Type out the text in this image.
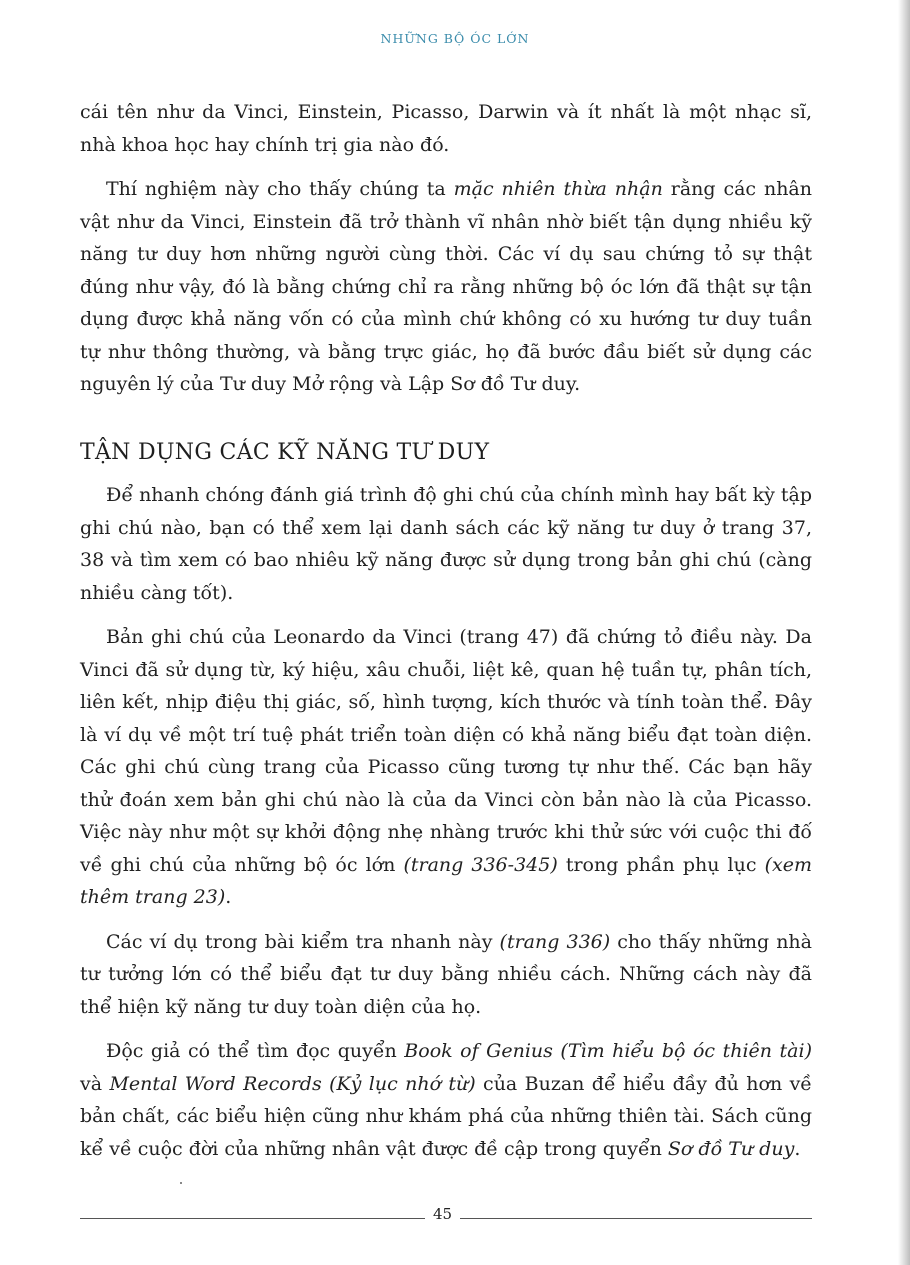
NHỮNG BỘ ÓC LỚN

cái tên như da Vinci, Einstein, Picasso, Darwin và ít nhất là một nhạc sĩ, nhà khoa học hay chính trị gia nào đó.

Thí nghiệm này cho thấy chúng ta mặc nhiên thừa nhận rằng các nhân vật như da Vinci, Einstein đã trở thành vĩ nhân nhờ biết tận dụng nhiều kỹ năng tư duy hơn những người cùng thời. Các ví dụ sau chứng tỏ sự thật đúng như vậy, đó là bằng chứng chỉ ra rằng những bộ óc lớn đã thật sự tận dụng được khả năng vốn có của mình chứ không có xu hướng tư duy tuần tự như thông thường, và bằng trực giác, họ đã bước đầu biết sử dụng các nguyên lý của Tư duy Mở rộng và Lập Sơ đồ Tư duy.

TẬN DỤNG CÁC KỸ NĂNG TƯ DUY

Để nhanh chóng đánh giá trình độ ghi chú của chính mình hay bất kỳ tập ghi chú nào, bạn có thể xem lại danh sách các kỹ năng tư duy ở trang 37, 38 và tìm xem có bao nhiêu kỹ năng được sử dụng trong bản ghi chú (càng nhiều càng tốt).

Bản ghi chú của Leonardo da Vinci (trang 47) đã chứng tỏ điều này. Da Vinci đã sử dụng từ, ký hiệu, xâu chuỗi, liệt kê, quan hệ tuần tự, phân tích, liên kết, nhịp điệu thị giác, số, hình tượng, kích thước và tính toàn thể. Đây là ví dụ về một trí tuệ phát triển toàn diện có khả năng biểu đạt toàn diện. Các ghi chú cùng trang của Picasso cũng tương tự như thế. Các bạn hãy thử đoán xem bản ghi chú nào là của da Vinci còn bản nào là của Picasso. Việc này như một sự khởi động nhẹ nhàng trước khi thử sức với cuộc thi đố về ghi chú của những bộ óc lớn (trang 336-345) trong phần phụ lục (xem thêm trang 23).

Các ví dụ trong bài kiểm tra nhanh này (trang 336) cho thấy những nhà tư tưởng lớn có thể biểu đạt tư duy bằng nhiều cách. Những cách này đã thể hiện kỹ năng tư duy toàn diện của họ.

Độc giả có thể tìm đọc quyển Book of Genius (Tìm hiểu bộ óc thiên tài) và Mental Word Records (Kỷ lục nhớ từ) của Buzan để hiểu đầy đủ hơn về bản chất, các biểu hiện cũng như khám phá của những thiên tài. Sách cũng kể về cuộc đời của những nhân vật được đề cập trong quyển Sơ đồ Tư duy.

45
